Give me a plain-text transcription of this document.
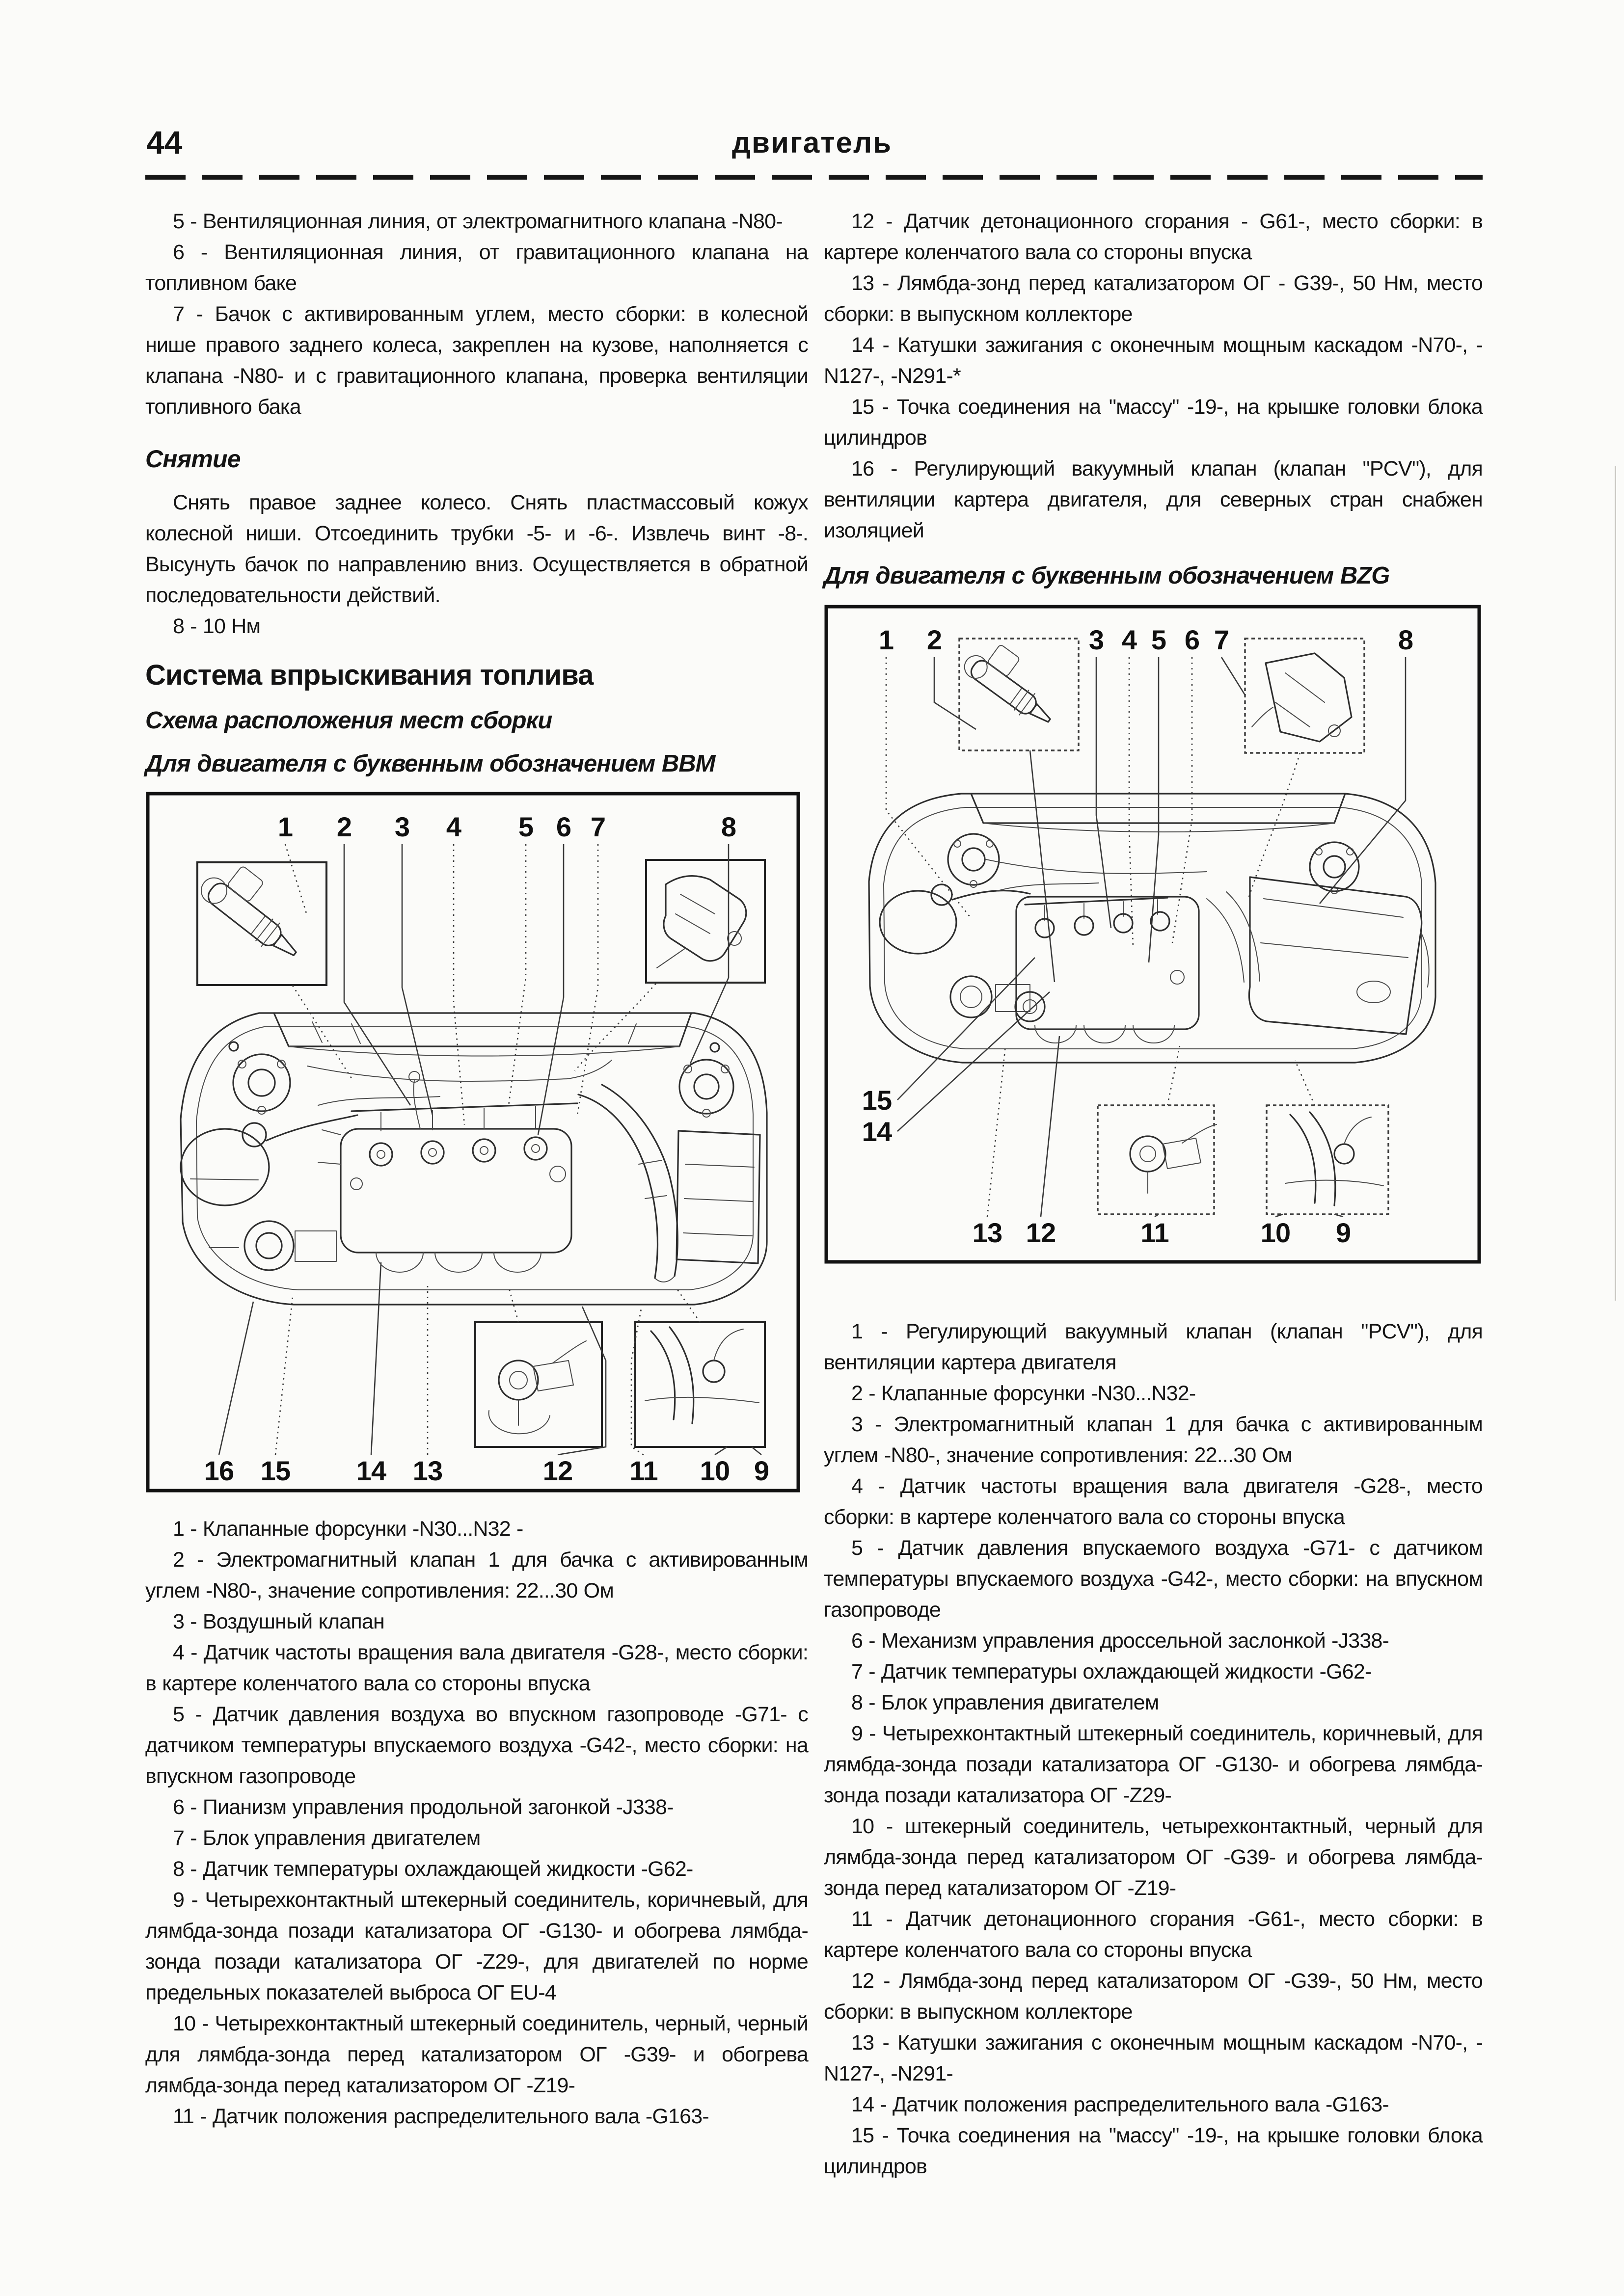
44	двигатель

5 - Вентиляционная линия, от электромагнитного клапана -N80-

6 - Вентиляционная линия, от гравитационного клапана на топливном баке

7 - Бачок с активированным углем, место сборки: в колесной нише правого заднего колеса, закреплен на кузове, наполняется с клапана -N80- и с гравитационного клапана, проверка вентиляции топливного бака

Снятие

Снять правое заднее колесо. Снять пластмассовый кожух колесной ниши. Отсоединить трубки -5- и -6-. Извлечь винт -8-. Высунуть бачок по направлению вниз. Осуществляется в обратной последовательности действий.

8 - 10 Нм

Система впрыскивания топлива
Схема расположения мест сборки
Для двигателя с буквенным обозначением BBM
1 2 3 4 5 6 7	8
16 15 14 13	12 11 10 9

1 - Клапанные форсунки -N30...N32 -

2 - Электромагнитный клапан 1 для бачка с активированным углем -N80-, значение сопротивления: 22...30 Ом

3 - Воздушный клапан

4 - Датчик частоты вращения вала двигателя -G28-, место сборки: в картере коленчатого вала со стороны впуска

5 - Датчик давления воздуха во впускном газопроводе -G71- с датчиком температуры впускаемого воздуха -G42-, место сборки: на впускном газопроводе

6 - Пианизм управления продольной загонкой -J338-

7 - Блок управления двигателем

8 - Датчик температуры охлаждающей жидкости -G62-

9 - Четырехконтактный штекерный соединитель, коричневый, для лямбда-зонда позади катализатора ОГ -G130- и обогрева лямбда-зонда позади катализатора ОГ -Z29-, для двигателей по норме предельных показателей выброса ОГ EU-4

10 - Четырехконтактный штекерный соединитель, черный, черный для лямбда-зонда перед катализатором ОГ -G39- и обогрева лямбда-зонда перед катализатором ОГ -Z19-

11 - Датчик положения распределительного вала -G163-

12 - Датчик детонационного сгорания - G61-, место сборки: в картере коленчатого вала со стороны впуска

13 - Лямбда-зонд перед катализатором ОГ - G39-, 50 Нм, место сборки: в выпускном коллекторе

14 - Катушки зажигания с оконечным мощным каскадом -N70-, -N127-, -N291-*

15 - Точка соединения на "массу" -19-, на крышке головки блока цилиндров

16 - Регулирующий вакуумный клапан (клапан "PCV"), для вентиляции картера двигателя, для северных стран снабжен изоляцией

Для двигателя с буквенным обозначением BZG
1 2	3 4 5 6 7	8
15
14
13 12	11	10 9

1 - Регулирующий вакуумный клапан (клапан "PCV"), для вентиляции картера двигателя

2 - Клапанные форсунки -N30...N32-

3 - Электромагнитный клапан 1 для бачка с активированным углем -N80-, значение сопротивления: 22...30 Ом

4 - Датчик частоты вращения вала двигателя -G28-, место сборки: в картере коленчатого вала со стороны впуска

5 - Датчик давления впускаемого воздуха -G71- с датчиком температуры впускаемого воздуха -G42-, место сборки: на впускном газопроводе

6 - Механизм управления дроссельной заслонкой -J338-

7 - Датчик температуры охлаждающей жидкости -G62-

8 - Блок управления двигателем

9 - Четырехконтактный штекерный соединитель, коричневый, для лямбда-зонда позади катализатора ОГ -G130- и обогрева лямбда-зонда позади катализатора ОГ -Z29-

10 - штекерный соединитель, четырехконтактный, черный для лямбда-зонда перед катализатором ОГ -G39- и обогрева лямбда-зонда перед катализатором ОГ -Z19-

11 - Датчик детонационного сгорания -G61-, место сборки: в картере коленчатого вала со стороны впуска

12 - Лямбда-зонд перед катализатором ОГ -G39-, 50 Нм, место сборки: в выпускном коллекторе

13 - Катушки зажигания с оконечным мощным каскадом -N70-, -N127-, -N291-

14 - Датчик положения распределительного вала -G163-

15 - Точка соединения на "массу" -19-, на крышке головки блока цилиндров
